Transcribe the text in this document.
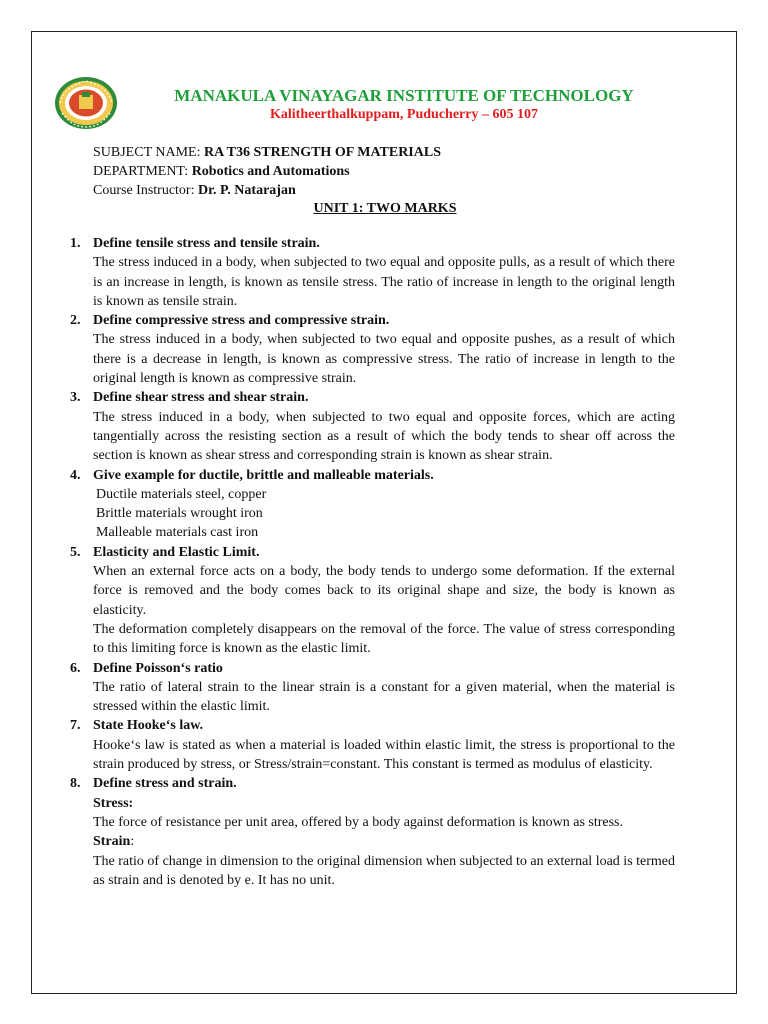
MANAKULA VINAYAGAR INSTITUTE OF TECHNOLOGY
Kalitheerthalkuppam, Puducherry – 605 107
SUBJECT NAME: RA T36 STRENGTH OF MATERIALS
DEPARTMENT: Robotics and Automations
Course Instructor: Dr. P. Natarajan
UNIT 1: TWO MARKS
1. Define tensile stress and tensile strain.

The stress induced in a body, when subjected to two equal and opposite pulls, as a result of which there is an increase in length, is known as tensile stress. The ratio of increase in length to the original length is known as tensile strain.

2. Define compressive stress and compressive strain.

The stress induced in a body, when subjected to two equal and opposite pushes, as a result of which there is a decrease in length, is known as compressive stress. The ratio of increase in length to the original length is known as compressive strain.

3. Define shear stress and shear strain.

The stress induced in a body, when subjected to two equal and opposite forces, which are acting tangentially across the resisting section as a result of which the body tends to shear off across the section is known as shear stress and corresponding strain is known as shear strain.

4. Give example for ductile, brittle and malleable materials.

Ductile materials steel, copper

Brittle materials wrought iron

Malleable materials cast iron

5. Elasticity and Elastic Limit.

When an external force acts on a body, the body tends to undergo some deformation. If the external force is removed and the body comes back to its original shape and size, the body is known as elasticity.

The deformation completely disappears on the removal of the force. The value of stress corresponding to this limiting force is known as the elastic limit.

6. Define Poisson‘s ratio

The ratio of lateral strain to the linear strain is a constant for a given material, when the material is stressed within the elastic limit.

7. State Hooke‘s law.

Hooke‘s law is stated as when a material is loaded within elastic limit, the stress is proportional to the strain produced by stress, or Stress/strain=constant. This constant is termed as modulus of elasticity.

8. Define stress and strain.
Stress:

The force of resistance per unit area, offered by a body against deformation is known as stress.

Strain:

The ratio of change in dimension to the original dimension when subjected to an external load is termed as strain and is denoted by e. It has no unit.
